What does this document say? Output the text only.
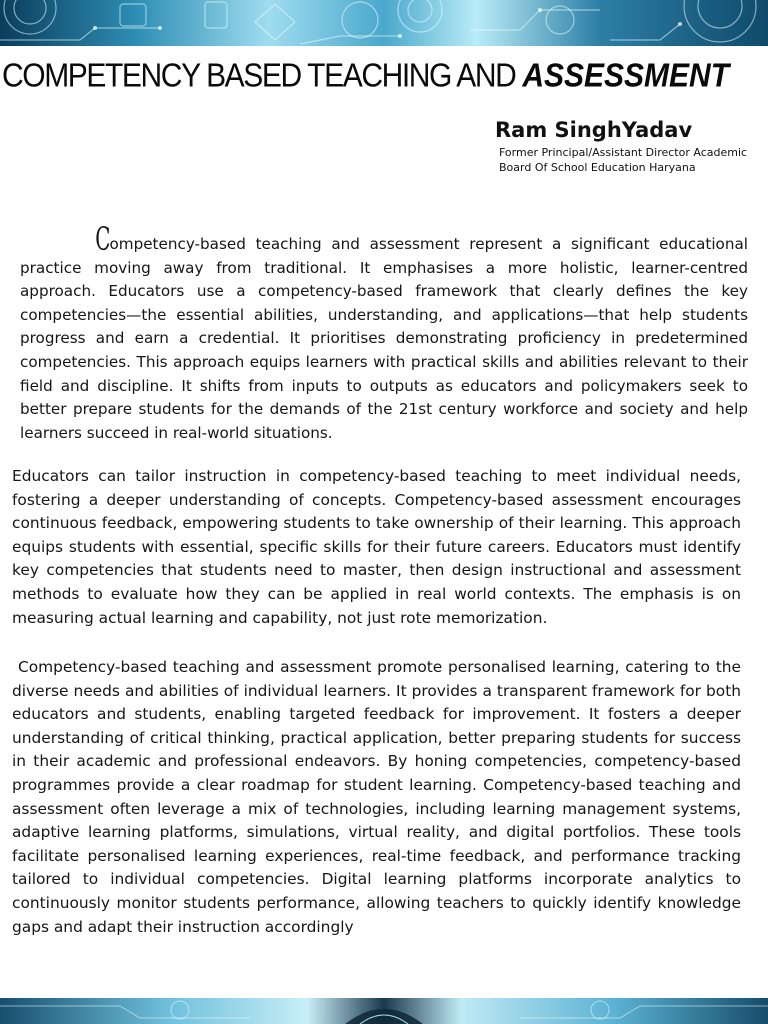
COMPETENCY BASED TEACHING AND ASSESSMENT

Ram SinghYadav

Former Principal/Assistant Director Academic

Board Of School Education Haryana

Competency-based teaching and assessment represent a significant educational practice moving away from traditional. It emphasises a more holistic, learner-centred approach. Educators use a competency-based framework that clearly defines the key competencies—the essential abilities, understanding, and applications—that help students progress and earn a credential. It prioritises demonstrating proficiency in predetermined competencies. This approach equips learners with practical skills and abilities relevant to their field and discipline. It shifts from inputs to outputs as educators and policymakers seek to better prepare students for the demands of the 21st century workforce and society and help learners succeed in real-world situations.

Educators can tailor instruction in competency-based teaching to meet individual needs, fostering a deeper understanding of concepts. Competency-based assessment encourages continuous feedback, empowering students to take ownership of their learning. This approach equips students with essential, specific skills for their future careers. Educators must identify key competencies that students need to master, then design instructional and assessment methods to evaluate how they can be applied in real world contexts. The emphasis is on measuring actual learning and capability, not just rote memorization.

Competency-based teaching and assessment promote personalised learning, catering to the diverse needs and abilities of individual learners. It provides a transparent framework for both educators and students, enabling targeted feedback for improvement. It fosters a deeper understanding of critical thinking, practical application, better preparing students for success in their academic and professional endeavors. By honing competencies, competency-based programmes provide a clear roadmap for student learning. Competency-based teaching and assessment often leverage a mix of technologies, including learning management systems, adaptive learning platforms, simulations, virtual reality, and digital portfolios. These tools facilitate personalised learning experiences, real-time feedback, and performance tracking tailored to individual competencies. Digital learning platforms incorporate analytics to continuously monitor students performance, allowing teachers to quickly identify knowledge gaps and adapt their instruction accordingly
